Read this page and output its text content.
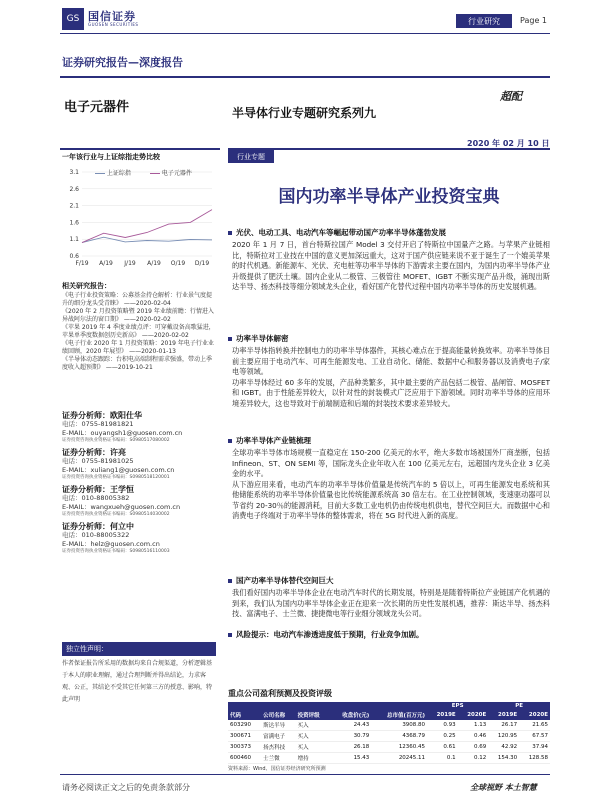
GS 国信证券
GUOSEN SECURITIES	行业研究	Page 1
证券研究报告—深度报告
电子元器件	半导体行业专题研究系列九
超配
2020 年 02 月 10 日
一年该行业与上证综指走势比较	行业专题
3.1
2.6
2.1
1.6
1.1
0.6
F/19 A/19 J/19 A/19 O/19 D/19
上证综指	电子元器件
国内功率半导体产业投资宝典
相关研究报告：
《电子行业投资策略：公募基金持仓解析：行业景气度提升的细分龙头受青睐》 ——2020-02-04
《2020 年 2 月投资策略暨 2019 年业绩前瞻：行情进入异战阿尔法的窗口期》 ——2020-02-02
《苹果 2019 年 4 季度业绩点评：可穿戴设备高歌猛进，苹果单季度数据创历史新高》 ——2020-02-02
《电子行业 2020 年 1 月投资策略：2019 年电子行业业绩回顾，2020 年展望》 ——2020-01-13
《半导体动态跟踪：台积电高端制程需求强盛，带动上季度收入超预期》 ——2019-10-21
证券分析师：欧阳仕华
电话：0755-81981821
E-MAIL：ouyangsh1@guosen.com.cn
证券投资咨询执业资格证书编码：S0980517080002
证券分析师：许亮
电话：0755-81981025
E-MAIL：xuliang1@guosen.com.cn
证券投资咨询执业资格证书编码：S0980518120001
证券分析师：王学恒
电话：010-88005382
E-MAIL：wangxueh@guosen.com.cn
证券投资咨询执业资格证书编码：S0980514030002
证券分析师：何立中
电话：010-88005322
E-MAIL：helz@guosen.com.cn
证券投资咨询执业资格证书编码：S0980516110003
光伏、电动工具、电动汽车等崛起带动国产功率半导体蓬勃发展
2020 年 1 月 7 日，首台特斯拉国产 Model 3 交付开启了特斯拉中国量产之路。与苹果产业链相比，特斯拉对工业技在中国的意义更加深远重大，这对于国产供应链来说不亚于诞生了一个媲美苹果的时代机遇。新能源车、光伏、充电桩等功率半导体的下游需求主要在国内，为国内功率半导体产业升级提供了肥沃土壤。国内企业从二极管、三极管往 MOFET、IGBT 不断实现产品升级，涌现出斯达半导、扬杰科技等细分领域龙头企业，看好国产化替代过程中国内功率半导体的历史发展机遇。
功率半导体解密
功率半导体指转换并控制电力的功率半导体器件，其核心难点在于提高能量转换效率。功率半导体目前主要应用于电动汽车、可再生能源发电、工业自动化、储能、数据中心和服务器以及消费电子/家电等领域。
功率半导体经过 60 多年的发展，产品种类繁多，其中最主要的产品包括二极管、晶闸管、MOSFET 和 IGBT。由于性能差异较大，以针对性的封装模式广泛应用于下游领域。同时功率半导体的应用环境差异较大，这也导致对于前端制造和后端的封装技术要求差异较大。
功率半导体产业链梳理
全球功率半导体市场规模一直稳定在 150-200 亿美元的水平，绝大多数市场被国外厂商垄断，包括 Infineon、ST、ON SEMI 等，国际龙头企业年收入在 100 亿美元左右，远超国内龙头企业 3 亿美金的水平。
从下游应用来看，电动汽车的功率半导体价值量是传统汽车的 5 倍以上，可再生能源发电系统和其他储能系统的功率半导体价值量也比传统能源系统高 30 倍左右。在工业控制领域，变速驱动器可以节省约 20-30％的能源消耗，目前大多数工业电机仍由传统电机供电，替代空间巨大。而数据中心和消费电子终端对于功率半导体的整体需求，将在 5G 时代进入新的高度。
国产功率半导体替代空间巨大
我们看好国内功率半导体企业在电动汽车时代的长期发展，特别是是随着特斯拉产业链国产化机遇的到来，我们认为国内功率半导体企业正在迎来一次长期的历史性发展机遇，推荐：斯达半导、扬杰科技、富满电子、士兰微、捷捷微电等行业细分领域龙头公司。
风险提示：电动汽车渗透进度低于预期，行业竞争加剧。
独立性声明：
作者保证报告所采用的数据均来自合规渠道，分析逻辑基于本人的职业理解，通过合理判断并得出结论，力求客观、公正，其结论不受其它任何第三方的授意、影响，特此声明
重点公司盈利预测及投资评级
					EPS		PE	
代码	公司名称	投资评级	收盘价(元)	总市值(百万元)	2019E	2020E	2019E	2020E
603290	斯达半导	买入	24.43	3908.80	0.93	1.13	26.17	21.65
300671	富满电子	买入	30.79	4368.79	0.25	0.46	120.95	67.57
300373	扬杰科技	买入	26.18	12360.45	0.61	0.69	42.92	37.94
600460	士兰微	增持	15.43	20245.11	0.1	0.12	154.30	128.58
资料来源：Wind、国信证券经济研究所预测
请务必阅读正文之后的免责条款部分	全球视野 本土智慧
